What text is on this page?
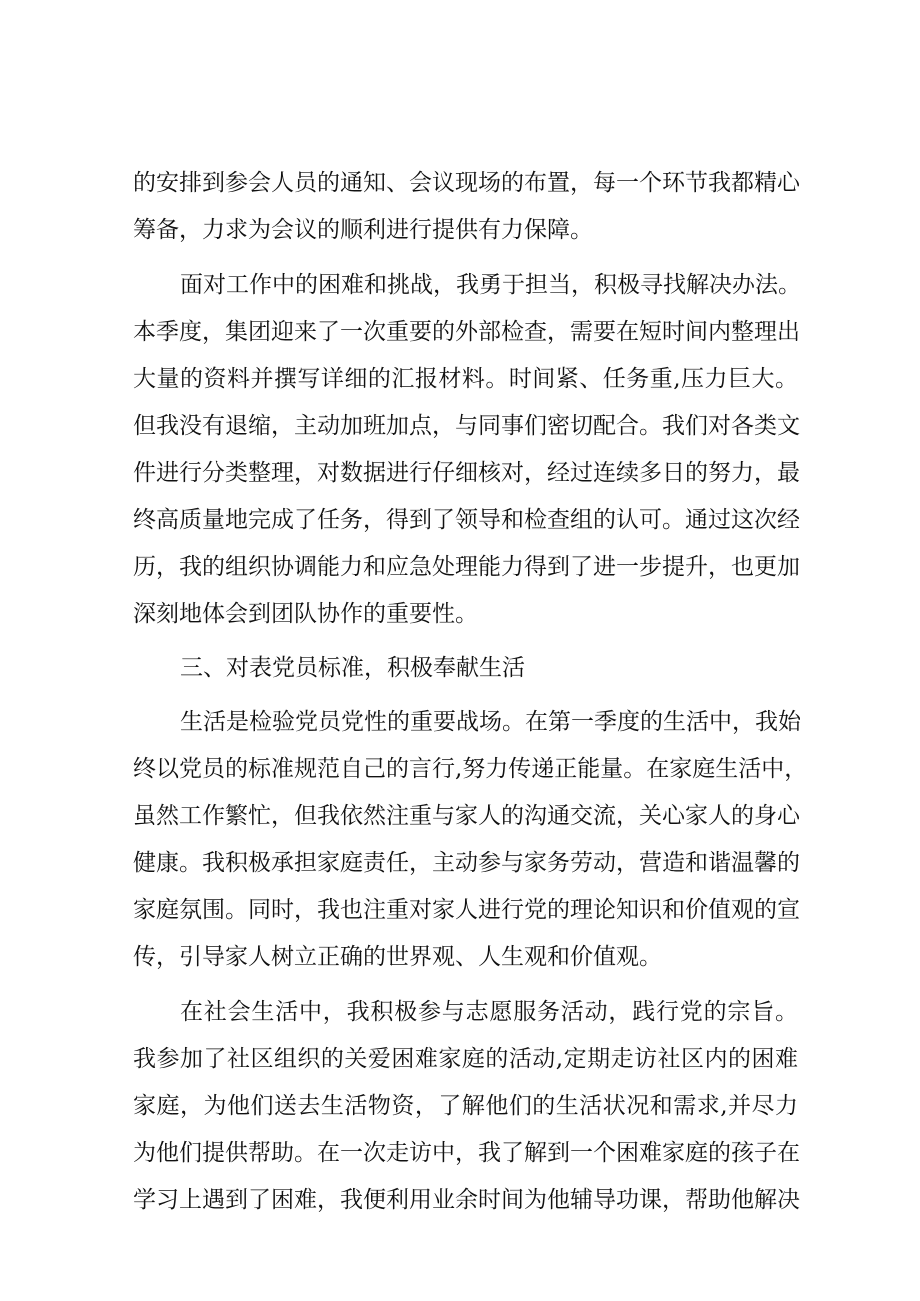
的安排到参会人员的通知、会议现场的布置，每一个环节我都精心
筹备，力求为会议的顺利进行提供有力保障。
面对工作中的困难和挑战，我勇于担当，积极寻找解决办法。
本季度，集团迎来了一次重要的外部检查，需要在短时间内整理出
大量的资料并撰写详细的汇报材料。时间紧、任务重,压力巨大。
但我没有退缩，主动加班加点，与同事们密切配合。我们对各类文
件进行分类整理，对数据进行仔细核对，经过连续多日的努力，最
终高质量地完成了任务，得到了领导和检查组的认可。通过这次经
历，我的组织协调能力和应急处理能力得到了进一步提升，也更加
深刻地体会到团队协作的重要性。
三、对表党员标准，积极奉献生活
生活是检验党员党性的重要战场。在第一季度的生活中，我始
终以党员的标准规范自己的言行,努力传递正能量。在家庭生活中，
虽然工作繁忙，但我依然注重与家人的沟通交流，关心家人的身心
健康。我积极承担家庭责任，主动参与家务劳动，营造和谐温馨的
家庭氛围。同时，我也注重对家人进行党的理论知识和价值观的宣
传，引导家人树立正确的世界观、人生观和价值观。
在社会生活中，我积极参与志愿服务活动，践行党的宗旨。
我参加了社区组织的关爱困难家庭的活动,定期走访社区内的困难
家庭，为他们送去生活物资，了解他们的生活状况和需求,并尽力
为他们提供帮助。在一次走访中，我了解到一个困难家庭的孩子在
学习上遇到了困难，我便利用业余时间为他辅导功课，帮助他解决
